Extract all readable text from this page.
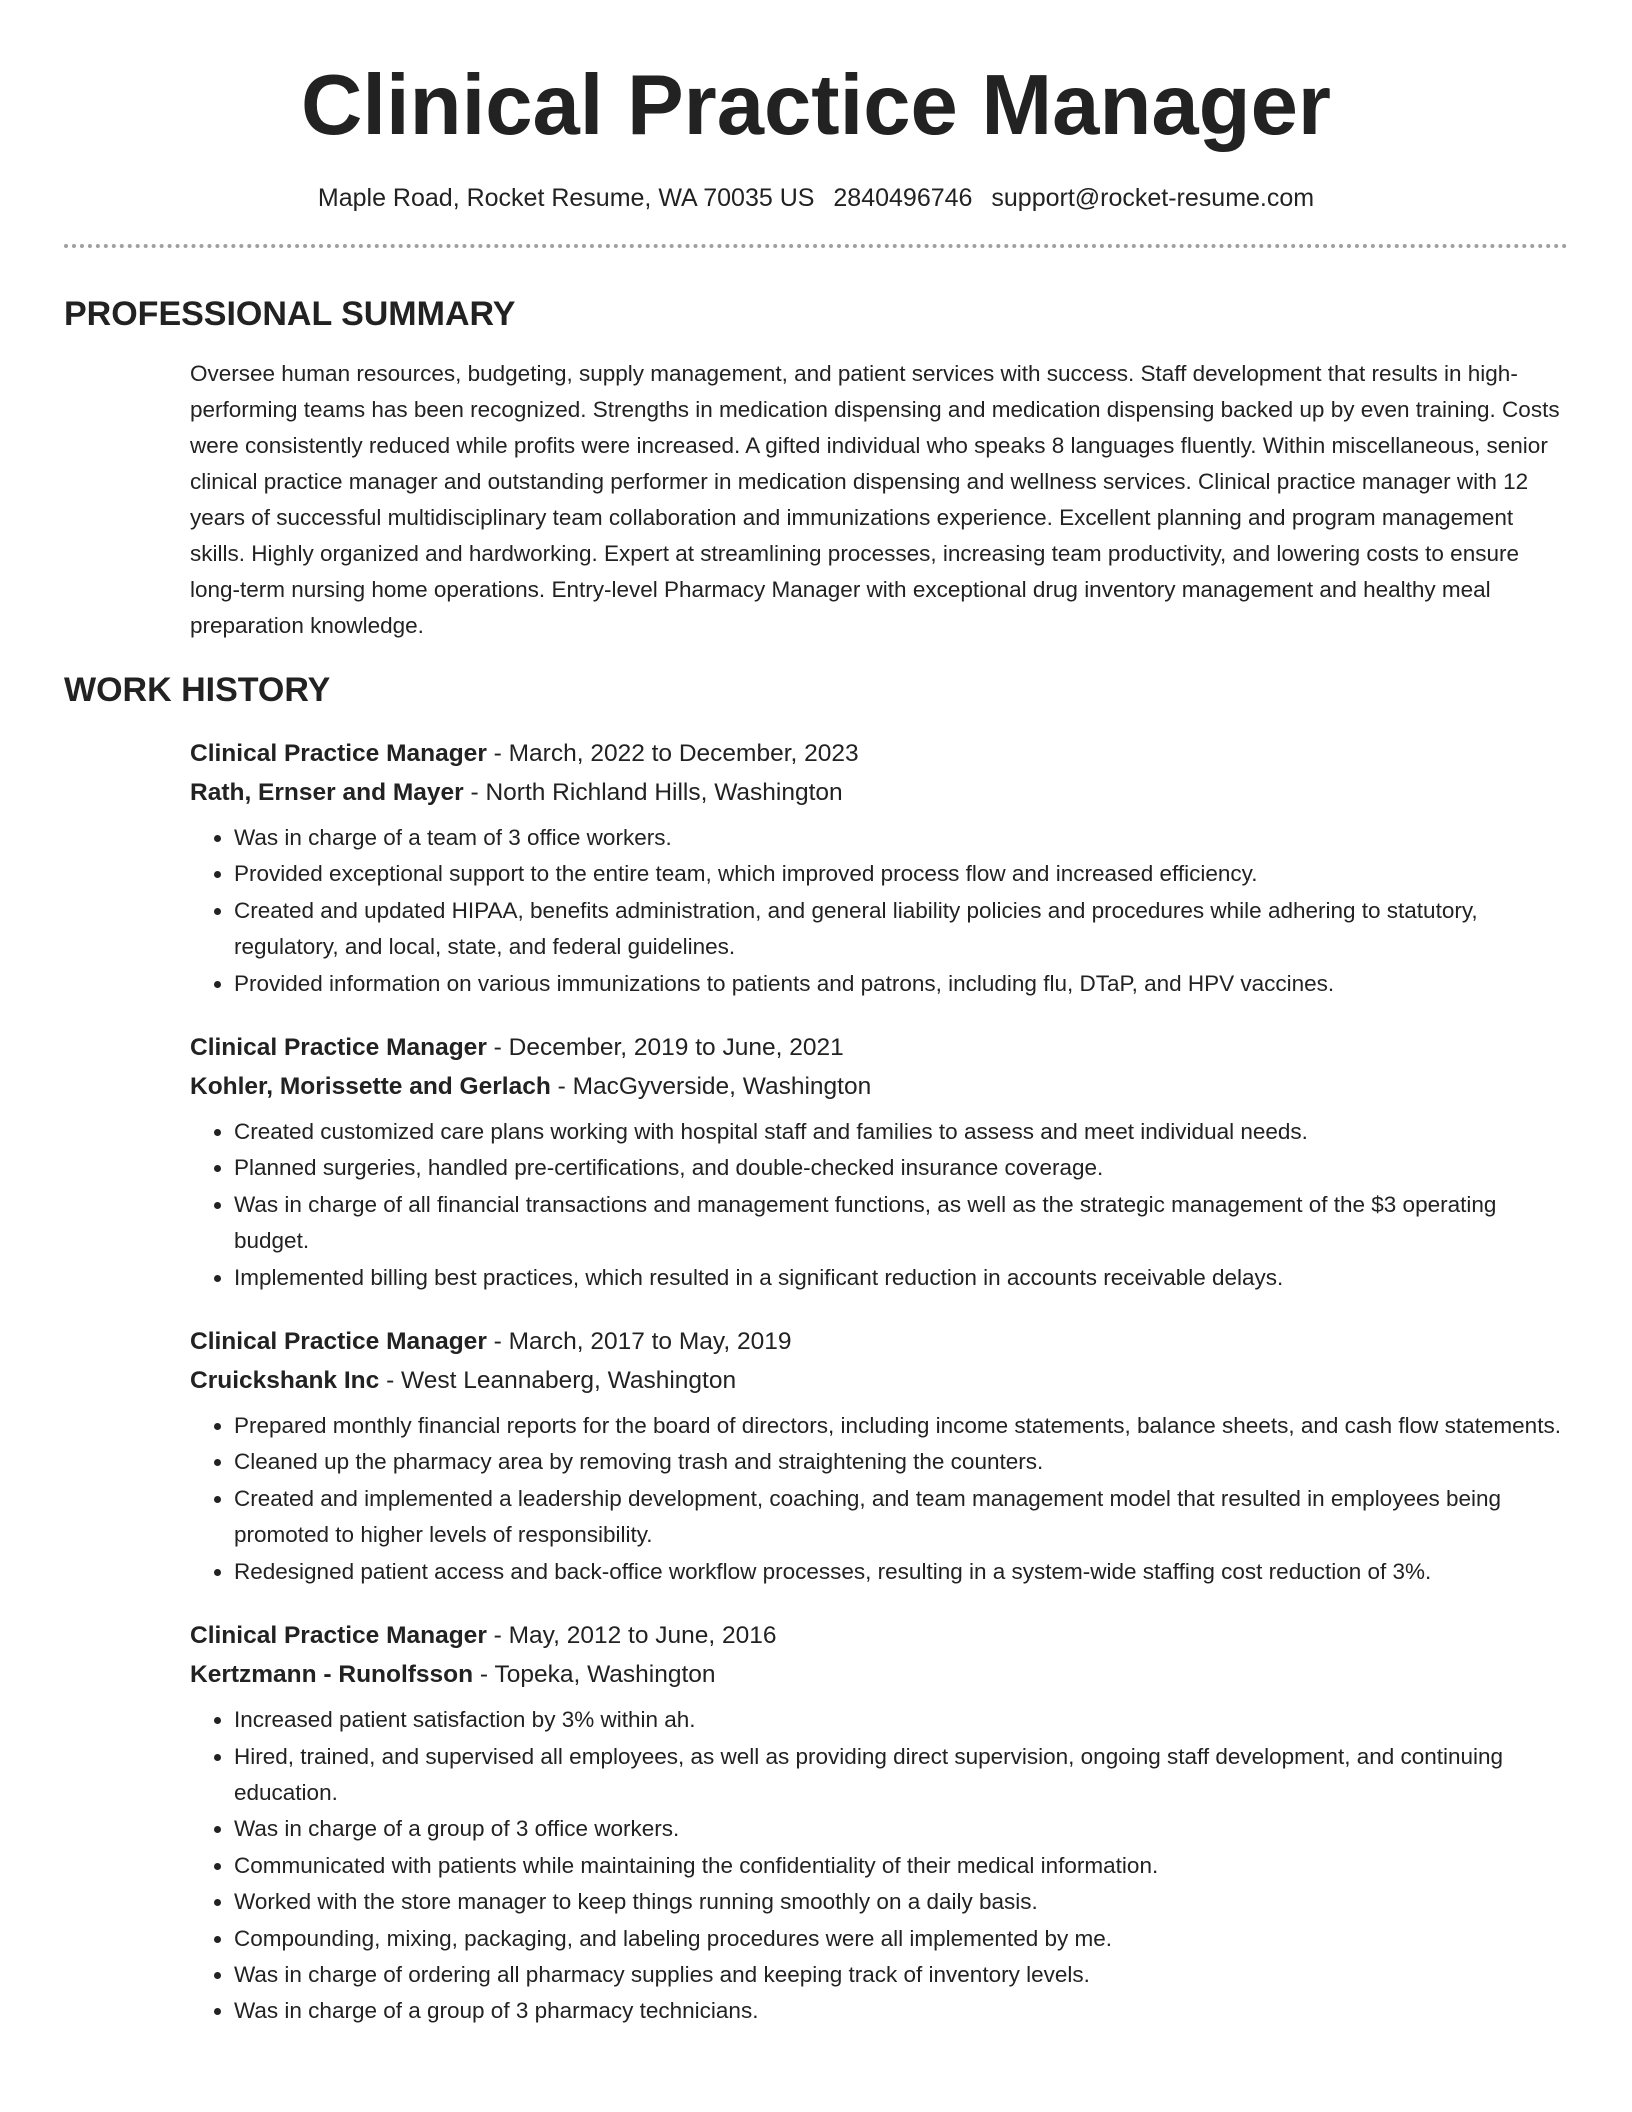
Clinical Practice Manager
Maple Road, Rocket Resume, WA 70035 US 2840496746 support@rocket-resume.com
PROFESSIONAL SUMMARY

Oversee human resources, budgeting, supply management, and patient services with success. Staff development that results in high-performing teams has been recognized. Strengths in medication dispensing and medication dispensing backed up by even training. Costs were consistently reduced while profits were increased. A gifted individual who speaks 8 languages fluently. Within miscellaneous, senior clinical practice manager and outstanding performer in medication dispensing and wellness services. Clinical practice manager with 12 years of successful multidisciplinary team collaboration and immunizations experience. Excellent planning and program management skills. Highly organized and hardworking. Expert at streamlining processes, increasing team productivity, and lowering costs to ensure long-term nursing home operations. Entry-level Pharmacy Manager with exceptional drug inventory management and healthy meal preparation knowledge.

WORK HISTORY
Clinical Practice Manager - March, 2022 to December, 2023
Rath, Ernser and Mayer - North Richland Hills, Washington
• Was in charge of a team of 3 office workers.
• Provided exceptional support to the entire team, which improved process flow and increased efficiency.
• Created and updated HIPAA, benefits administration, and general liability policies and procedures while adhering to statutory, regulatory, and local, state, and federal guidelines.
• Provided information on various immunizations to patients and patrons, including flu, DTaP, and HPV vaccines.
Clinical Practice Manager - December, 2019 to June, 2021
Kohler, Morissette and Gerlach - MacGyverside, Washington
• Created customized care plans working with hospital staff and families to assess and meet individual needs.
• Planned surgeries, handled pre-certifications, and double-checked insurance coverage.
• Was in charge of all financial transactions and management functions, as well as the strategic management of the $3 operating budget.
• Implemented billing best practices, which resulted in a significant reduction in accounts receivable delays.
Clinical Practice Manager - March, 2017 to May, 2019
Cruickshank Inc - West Leannaberg, Washington
• Prepared monthly financial reports for the board of directors, including income statements, balance sheets, and cash flow statements.
• Cleaned up the pharmacy area by removing trash and straightening the counters.
• Created and implemented a leadership development, coaching, and team management model that resulted in employees being promoted to higher levels of responsibility.
• Redesigned patient access and back-office workflow processes, resulting in a system-wide staffing cost reduction of 3%.
Clinical Practice Manager - May, 2012 to June, 2016
Kertzmann - Runolfsson - Topeka, Washington
• Increased patient satisfaction by 3% within ah.
• Hired, trained, and supervised all employees, as well as providing direct supervision, ongoing staff development, and continuing education.
• Was in charge of a group of 3 office workers.
• Communicated with patients while maintaining the confidentiality of their medical information.
• Worked with the store manager to keep things running smoothly on a daily basis.
• Compounding, mixing, packaging, and labeling procedures were all implemented by me.
• Was in charge of ordering all pharmacy supplies and keeping track of inventory levels.
• Was in charge of a group of 3 pharmacy technicians.
